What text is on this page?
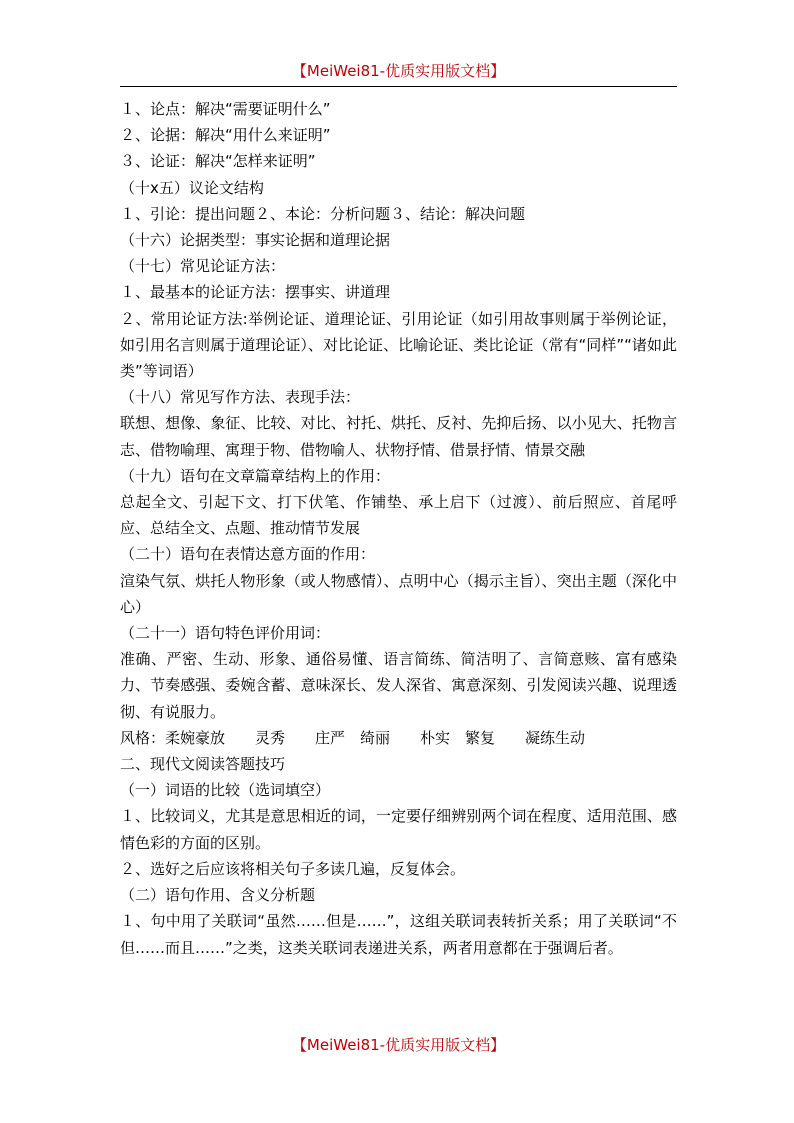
【MeiWei81-优质实用版文档】
１、论点：解决“需要证明什么”
２、论据：解决“用什么来证明”
３、论证：解决“怎样来证明”
（十ⅹ五）议论文结构
１、引论：提出问题２、本论：分析问题３、结论：解决问题
（十六）论据类型：事实论据和道理论据
（十七）常见论证方法：
１、最基本的论证方法：摆事实、讲道理
２、常用论证方法:举例论证、道理论证、引用论证（如引用故事则属于举例论证，如引用名言则属于道理论证）、对比论证、比喻论证、类比论证（常有“同样”“诸如此类”等词语）
（十八）常见写作方法、表现手法：
联想、想像、象征、比较、对比、衬托、烘托、反衬、先抑后扬、以小见大、托物言志、借物喻理、寓理于物、借物喻人、状物抒情、借景抒情、情景交融
（十九）语句在文章篇章结构上的作用：
总起全文、引起下文、打下伏笔、作铺垫、承上启下（过渡）、前后照应、首尾呼应、总结全文、点题、推动情节发展
（二十）语句在表情达意方面的作用：
渲染气氛、烘托人物形象（或人物感情）、点明中心（揭示主旨）、突出主题（深化中心）
（二十一）语句特色评价用词：
准确、严密、生动、形象、通俗易懂、语言简练、简洁明了、言简意赅、富有感染力、节奏感强、委婉含蓄、意味深长、发人深省、寓意深刻、引发阅读兴趣、说理透彻、有说服力。
风格：柔婉豪放　　灵秀　　庄严　绮丽　　朴实　繁复　　凝练生动
二、现代文阅读答题技巧
（一）词语的比较（选词填空）
１、比较词义，尤其是意思相近的词，一定要仔细辨别两个词在程度、适用范围、感情色彩的方面的区别。
２、选好之后应该将相关句子多读几遍，反复体会。
（二）语句作用、含义分析题
１、句中用了关联词“虽然……但是……”，这组关联词表转折关系；用了关联词“不但……而且……”之类，这类关联词表递进关系，两者用意都在于强调后者。
【MeiWei81-优质实用版文档】
